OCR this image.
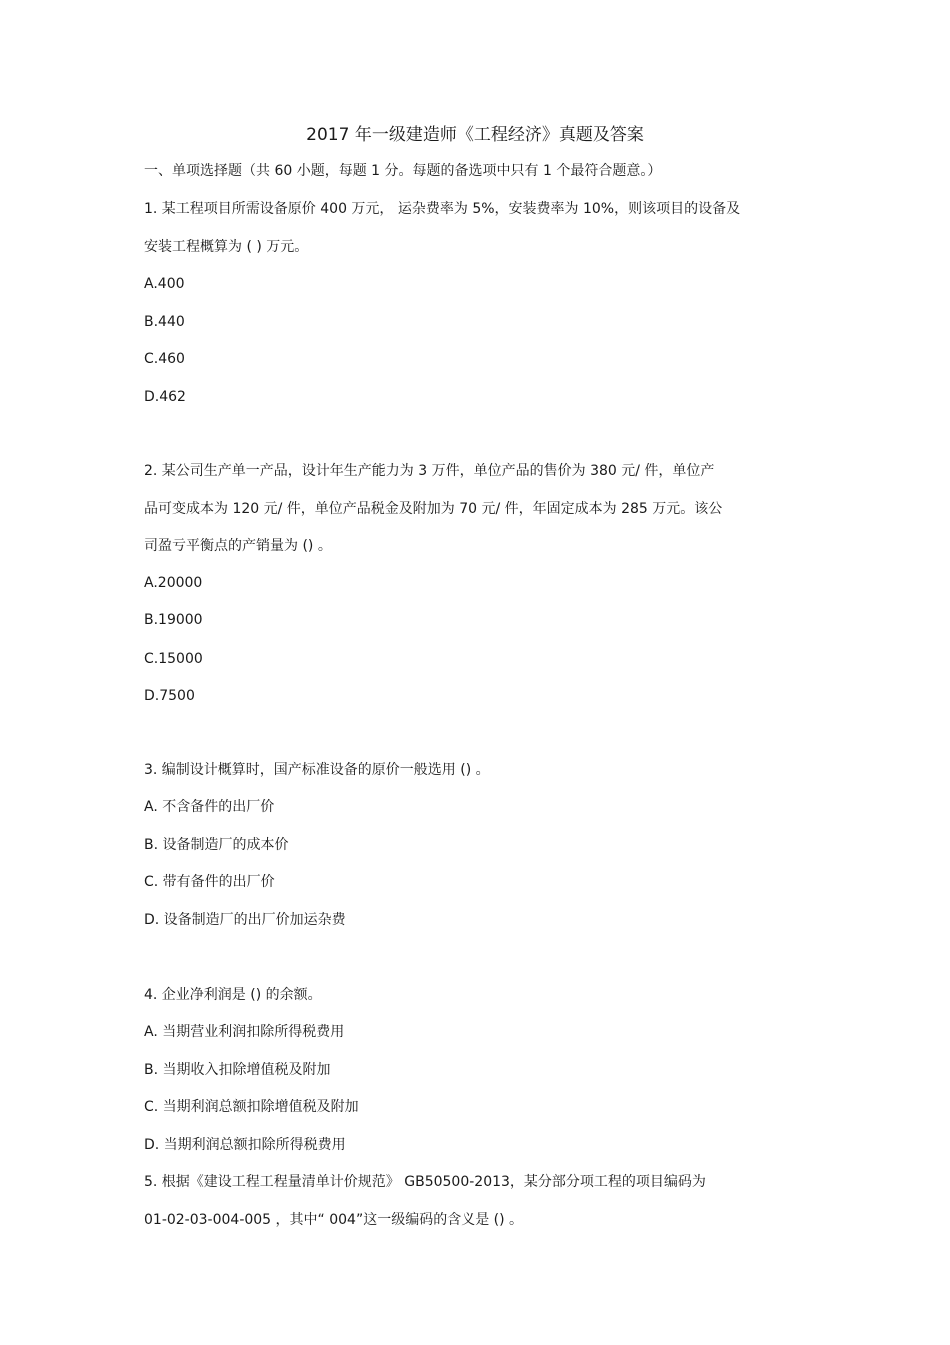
2017 年一级建造师《工程经济》真题及答案
一、单项选择题（共 60 小题，每题 1 分。每题的备选项中只有 1 个最符合题意。）
1. 某工程项目所需设备原价 400 万元， 运杂费率为 5%，安装费率为 10%，则该项目的设备及
安装工程概算为 ( ) 万元。
A.400
B.440
C.460
D.462
2. 某公司生产单一产品，设计年生产能力为 3 万件，单位产品的售价为 380 元/ 件，单位产
品可变成本为 120 元/ 件，单位产品税金及附加为 70 元/ 件，年固定成本为 285 万元。该公
司盈亏平衡点的产销量为 () 。
A.20000
B.19000
C.15000
D.7500
3. 编制设计概算时，国产标准设备的原价一般选用 () 。
A. 不含备件的出厂价
B. 设备制造厂的成本价
C. 带有备件的出厂价
D. 设备制造厂的出厂价加运杂费
4. 企业净利润是 () 的余额。
A. 当期营业利润扣除所得税费用
B. 当期收入扣除增值税及附加
C. 当期利润总额扣除增值税及附加
D. 当期利润总额扣除所得税费用
5. 根据《建设工程工程量清单计价规范》 GB50500-2013，某分部分项工程的项目编码为
01-02-03-004-005 ，其中“ 004”这一级编码的含义是 () 。
